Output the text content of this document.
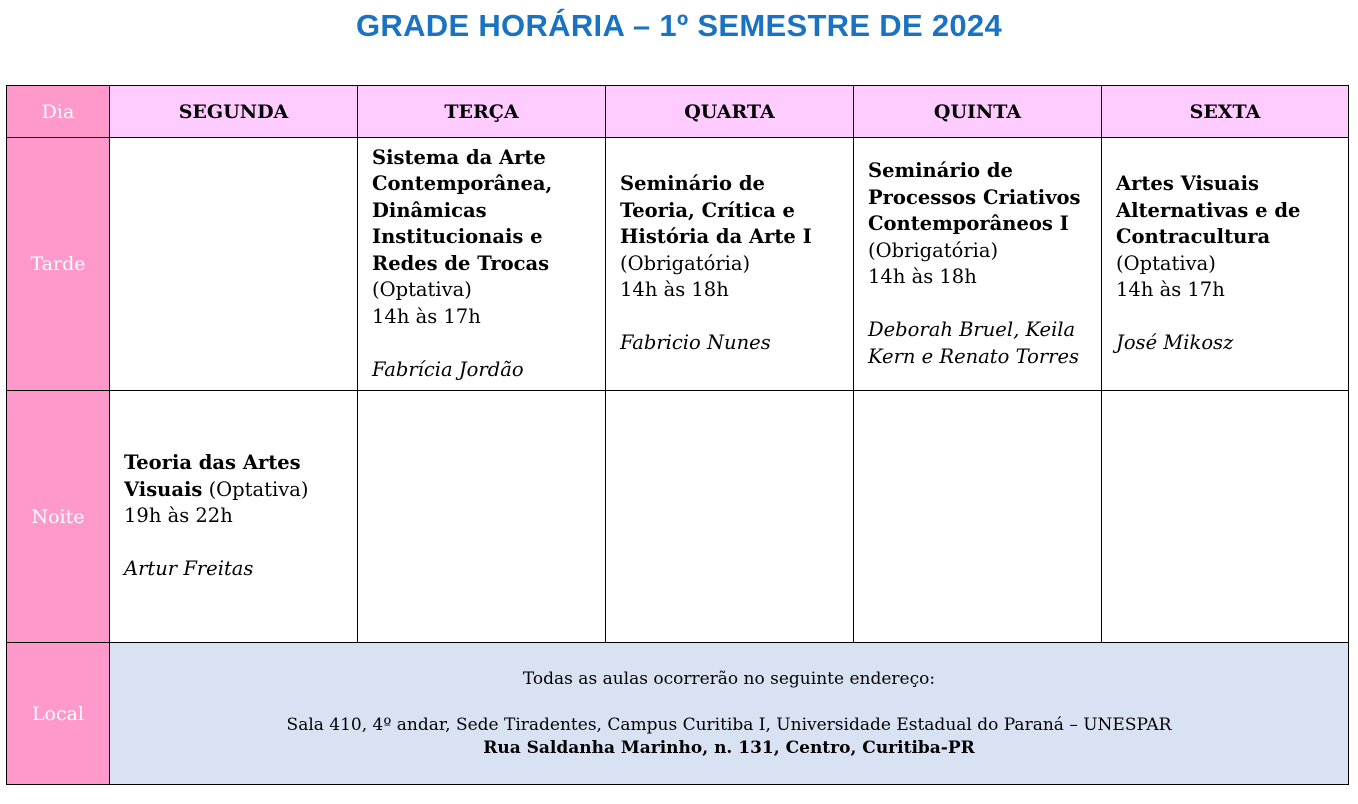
GRADE HORÁRIA – 1º SEMESTRE DE 2024
Dia	SEGUNDA	TERÇA	QUARTA	QUINTA	SEXTA
Tarde		Sistema da Arte Contemporânea, Dinâmicas Institucionais e Redes de Trocas
(Optativa)
14h às 17h
Fabrícia Jordão	Seminário de Teoria, Crítica e História da Arte I (Obrigatória)
14h às 18h
Fabricio Nunes	Seminário de Processos Criativos Contemporâneos I
(Obrigatória)
14h às 18h
Deborah Bruel, Keila Kern e Renato Torres	Artes Visuais Alternativas e de Contracultura
(Optativa)
14h às 17h
José Mikosz

Noite	Teoria das Artes Visuais (Optativa)
19h às 22h
Artur Freitas				

Local	Todas as aulas ocorrerão no seguinte endereço:
Sala 410, 4º andar, Sede Tiradentes, Campus Curitiba I, Universidade Estadual do Paraná – UNESPAR
Rua Saldanha Marinho, n. 131, Centro, Curitiba-PR				
